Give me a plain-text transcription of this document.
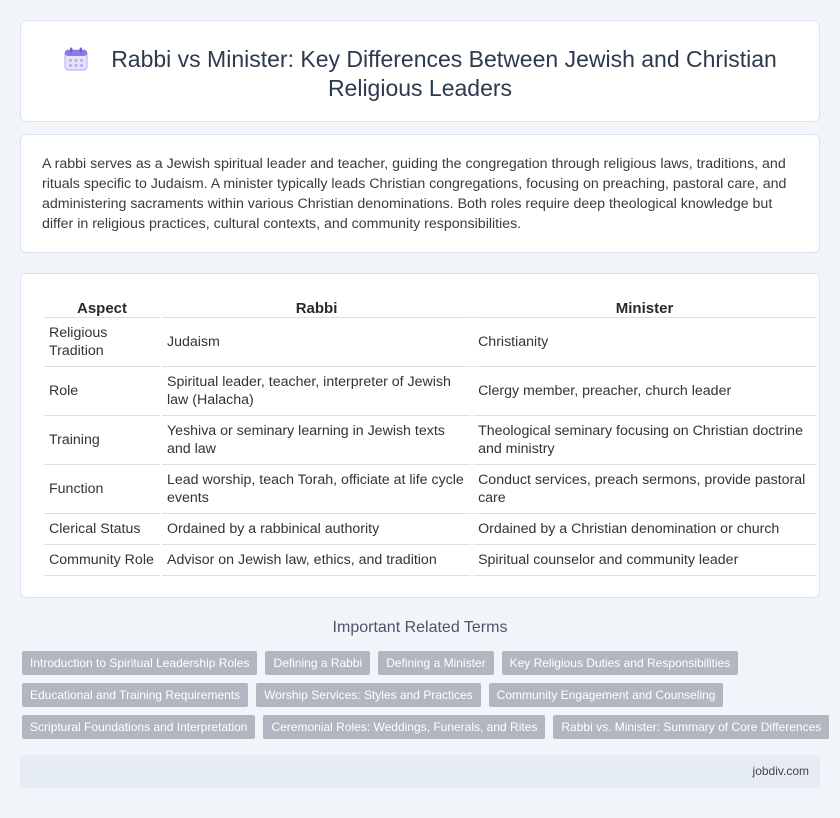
Rabbi vs Minister: Key Differences Between Jewish and Christian Religious Leaders

A rabbi serves as a Jewish spiritual leader and teacher, guiding the congregation through religious laws, traditions, and rituals specific to Judaism. A minister typically leads Christian congregations, focusing on preaching, pastoral care, and administering sacraments within various Christian denominations. Both roles require deep theological knowledge but differ in religious practices, cultural contexts, and community responsibilities.

Aspect	Rabbi	Minister
Religious Tradition	Judaism	Christianity
Role	Spiritual leader, teacher, interpreter of Jewish law (Halacha)	Clergy member, preacher, church leader
Training	Yeshiva or seminary learning in Jewish texts and law	Theological seminary focusing on Christian doctrine and ministry
Function	Lead worship, teach Torah, officiate at life cycle events	Conduct services, preach sermons, provide pastoral care
Clerical Status	Ordained by a rabbinical authority	Ordained by a Christian denomination or church
Community Role	Advisor on Jewish law, ethics, and tradition	Spiritual counselor and community leader
Important Related Terms
Introduction to Spiritual Leadership Roles	Defining a Rabbi	Defining a Minister	Key Religious Duties and Responsibilities
Educational and Training Requirements	Worship Services: Styles and Practices	Community Engagement and Counseling
Scriptural Foundations and Interpretation	Ceremonial Roles: Weddings, Funerals, and Rites	Rabbi vs. Minister: Summary of Core Differences
jobdiv.com
